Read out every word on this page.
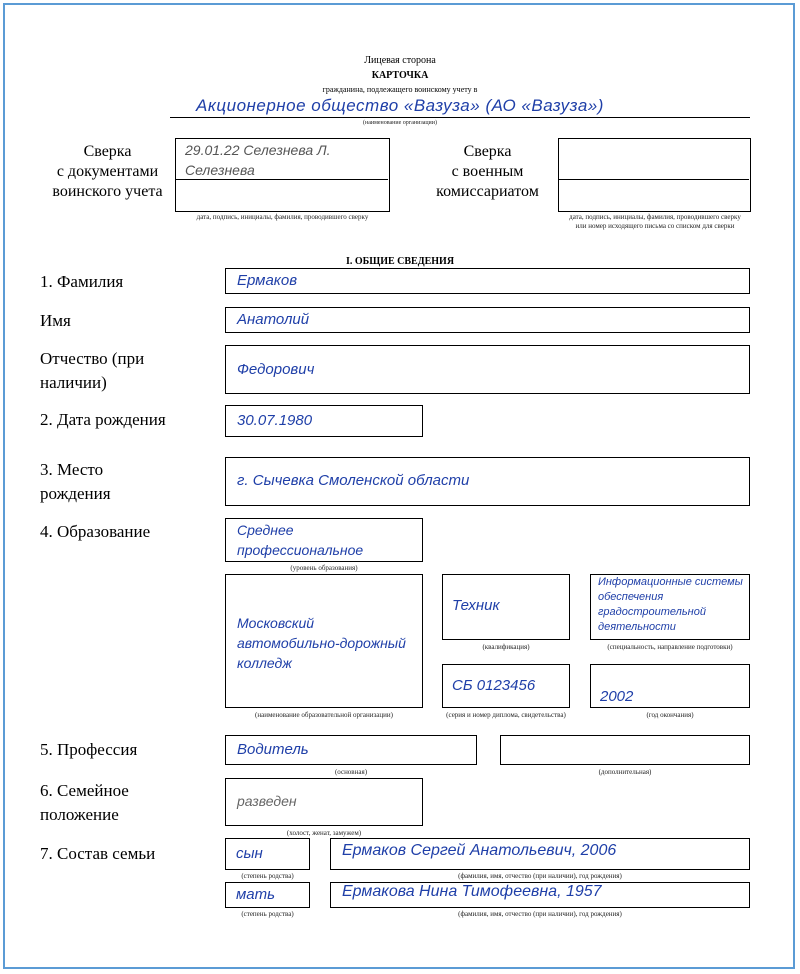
Лицевая сторона
КАРТОЧКА
гражданина, подлежащего воинскому учету в
Акционерное общество «Вазуза» (АО «Вазуза»)
(наименование организации)
Сверка
с документами
воинского учета
29.01.22 Селезнева Л.
Селезнева
дата, подпись, инициалы, фамилия, проводившего сверку
Сверка
с военным
комиссариатом
дата, подпись, инициалы, фамилия, проводившего сверку или номер исходящего письма со списком для сверки
I. ОБЩИЕ СВЕДЕНИЯ
1. Фамилия	Ермаков
Имя	Анатолий
Отчество (при
наличии)
Федорович
2. Дата рождения	30.07.1980
3. Место
рождения
г. Сычевка Смоленской области
4. Образование	Среднее профессиональное
(уровень образования)
Московский автомобильно-дорожный колледж
(наименование образовательной организации)
Техник
(квалификация)
Информационные системы обеспечения градостроительной деятельности
(специальность, направление подготовки)
СБ 0123456
(серия и номер диплома, свидетельства)
2002
(год окончания)
5. Профессия	Водитель
(основная)	(дополнительная)
6. Семейное
положение
разведен
(холост, женат, замужем)
7. Состав семьи	сын
(степень родства)
Ермаков Сергей Анатольевич, 2006
(фамилия, имя, отчество (при наличии), год рождения)
мать
(степень родства)
Ермакова Нина Тимофеевна, 1957
(фамилия, имя, отчество (при наличии), год рождения)
